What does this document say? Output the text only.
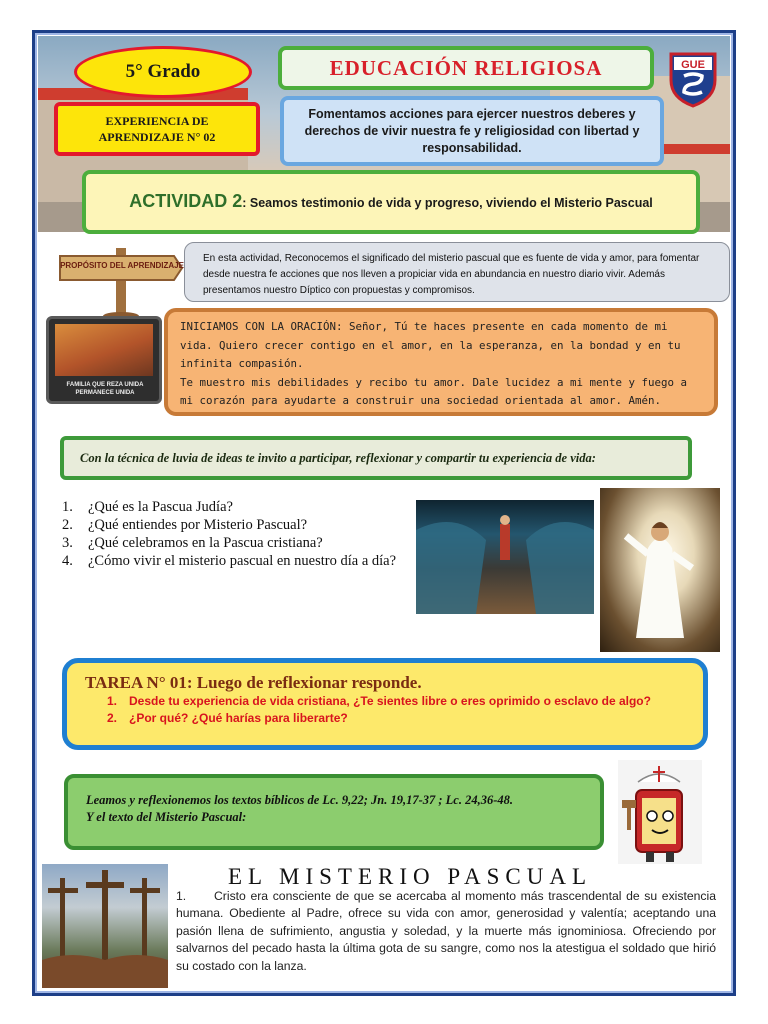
5° Grado	EDUCACIÓN RELIGIOSA	GUE
EXPERIENCIA DE
APRENDIZAJE N° 02
Fomentamos acciones para ejercer nuestros deberes y derechos de vivir nuestra fe y religiosidad con libertad y responsabilidad.
ACTIVIDAD 2: Seamos testimonio de vida y progreso, viviendo el Misterio Pascual
PROPÓSITO DEL APRENDIZAJE
En esta actividad, Reconocemos el significado del misterio pascual que es fuente de vida y amor, para fomentar desde nuestra fe acciones que nos lleven a propiciar vida en abundancia en nuestro diario vivir. Además presentamos nuestro Díptico con propuestas y compromisos.
FAMILIA QUE REZA UNIDA PERMANECE UNIDA
INICIAMOS CON LA ORACIÓN: Señor, Tú te haces presente en cada momento de mi vida. Quiero crecer contigo en el amor, en la esperanza, en la bondad y en tu infinita compasión.
Te muestro mis debilidades y recibo tu amor. Dale lucidez a mi mente y fuego a mi corazón para ayudarte a construir una sociedad orientada al amor. Amén.
Con la técnica de luvia de ideas te invito a participar, reflexionar y compartir tu experiencia de vida:
1.	¿Qué es la Pascua Judía?
2.	¿Qué entiendes por Misterio Pascual?
3.	¿Qué celebramos en la Pascua cristiana?
4.	¿Cómo vivir el misterio pascual en nuestro día a día?
TAREA N° 01: Luego de reflexionar responde.
1. Desde tu experiencia de vida cristiana, ¿Te sientes libre o eres oprimido o esclavo de algo?
2. ¿Por qué? ¿Qué harías para liberarte?
Leamos y reflexionemos los textos bíblicos de Lc. 9,22; Jn. 19,17-37 ; Lc. 24,36-48.
Y el texto del Misterio Pascual:
EL MISTERIO PASCUAL
1. Cristo era consciente de que se acercaba al momento más trascendental de su existencia humana. Obediente al Padre, ofrece su vida con amor, generosidad y valentía; aceptando una pasión llena de sufrimiento, angustia y soledad, y la muerte más ignominiosa. Ofreciendo por salvarnos del pecado hasta la última gota de su sangre, como nos la atestigua el soldado que hirió su costado con la lanza.
